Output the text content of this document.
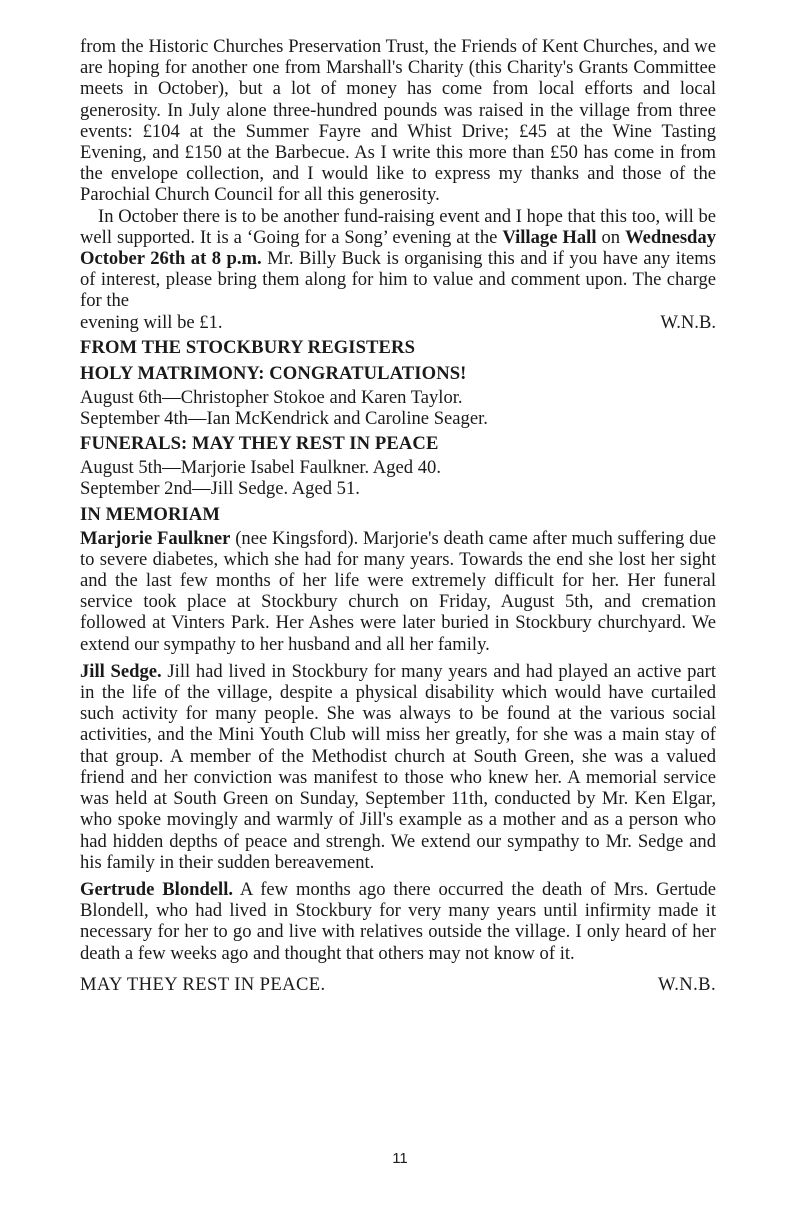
from the Historic Churches Preservation Trust, the Friends of Kent Churches, and we are hoping for another one from Marshall's Charity (this Charity's Grants Committee meets in October), but a lot of money has come from local efforts and local generosity. In July alone three-hundred pounds was raised in the village from three events: £104 at the Summer Fayre and Whist Drive; £45 at the Wine Tasting Evening, and £150 at the Barbecue. As I write this more than £50 has come in from the envelope collection, and I would like to express my thanks and those of the Parochial Church Council for all this generosity.

In October there is to be another fund-raising event and I hope that this too, will be well supported. It is a ‘Going for a Song’ evening at the Village Hall on Wednesday October 26th at 8 p.m. Mr. Billy Buck is organising this and if you have any items of interest, please bring them along for him to value and comment upon. The charge for the

evening will be £1.	W.N.B.
FROM THE STOCKBURY REGISTERS
HOLY MATRIMONY: CONGRATULATIONS!

August 6th—Christopher Stokoe and Karen Taylor.

September 4th—Ian McKendrick and Caroline Seager.

FUNERALS: MAY THEY REST IN PEACE

August 5th—Marjorie Isabel Faulkner. Aged 40.

September 2nd—Jill Sedge. Aged 51.

IN MEMORIAM

Marjorie Faulkner (nee Kingsford). Marjorie's death came after much suffering due to severe diabetes, which she had for many years. Towards the end she lost her sight and the last few months of her life were extremely difficult for her. Her funeral service took place at Stockbury church on Friday, August 5th, and cremation followed at Vinters Park. Her Ashes were later buried in Stockbury churchyard. We extend our sympathy to her husband and all her family.

Jill Sedge. Jill had lived in Stockbury for many years and had played an active part in the life of the village, despite a physical disability which would have curtailed such activity for many people. She was always to be found at the various social activities, and the Mini Youth Club will miss her greatly, for she was a main stay of that group. A member of the Methodist church at South Green, she was a valued friend and her conviction was manifest to those who knew her. A memorial service was held at South Green on Sunday, September 11th, conducted by Mr. Ken Elgar, who spoke movingly and warmly of Jill's example as a mother and as a person who had hidden depths of peace and strengh. We extend our sympathy to Mr. Sedge and his family in their sudden bereavement.

Gertrude Blondell. A few months ago there occurred the death of Mrs. Gertude Blondell, who had lived in Stockbury for very many years until infirmity made it necessary for her to go and live with relatives outside the village. I only heard of her death a few weeks ago and thought that others may not know of it.

MAY THEY REST IN PEACE.	W.N.B.
11
